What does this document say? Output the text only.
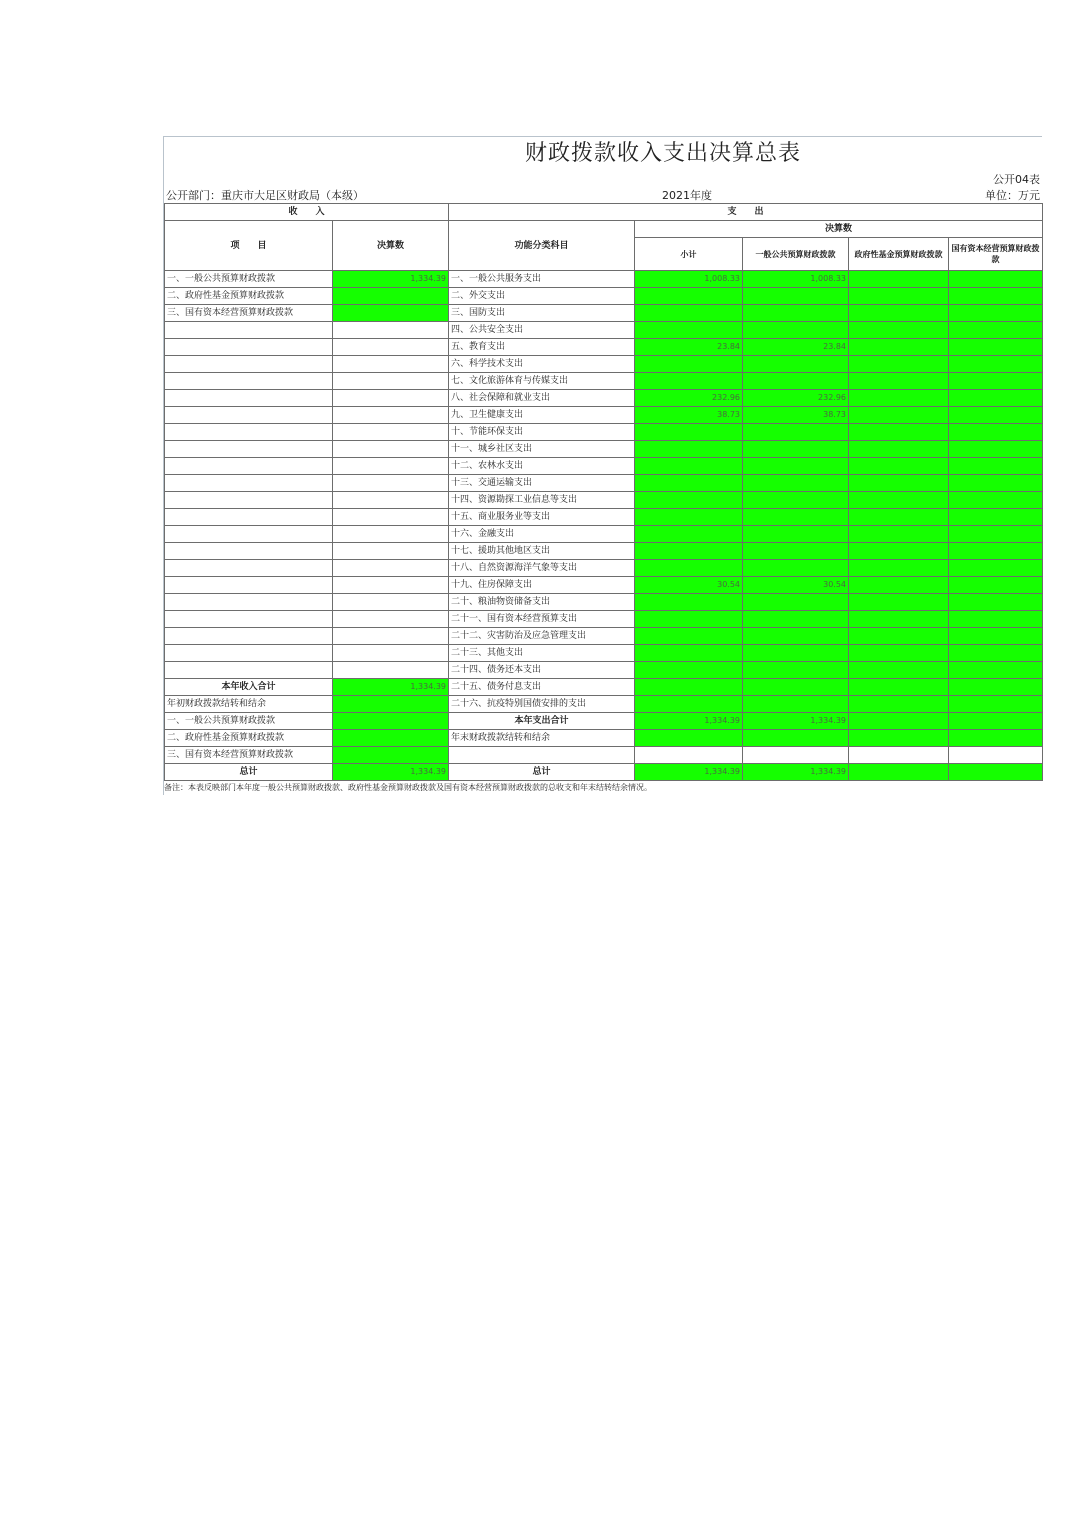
财政拨款收入支出决算总表
公开04表
公开部门：重庆市大足区财政局（本级）	2021年度	单位：万元
收　　入		支　　出				
项　　目	决算数	功能分类科目	决算数			
			小计	一般公共预算财政拨款	政府性基金预算财政拨款	国有资本经营预算财政拨款
一、一般公共预算财政拨款	1,334.39	一、一般公共服务支出	1,008.33	1,008.33		
二、政府性基金预算财政拨款		二、外交支出				
三、国有资本经营预算财政拨款		三、国防支出				
		四、公共安全支出				
		五、教育支出	23.84	23.84		
		六、科学技术支出				
		七、文化旅游体育与传媒支出				
		八、社会保障和就业支出	232.96	232.96		
		九、卫生健康支出	38.73	38.73		
		十、节能环保支出				
		十一、城乡社区支出				
		十二、农林水支出				
		十三、交通运输支出				
		十四、资源勘探工业信息等支出				
		十五、商业服务业等支出				
		十六、金融支出				
		十七、援助其他地区支出				
		十八、自然资源海洋气象等支出				
		十九、住房保障支出	30.54	30.54		
		二十、粮油物资储备支出				
		二十一、国有资本经营预算支出				
		二十二、灾害防治及应急管理支出				
		二十三、其他支出				
		二十四、债务还本支出				
本年收入合计	1,334.39	二十五、债务付息支出				
年初财政拨款结转和结余		二十六、抗疫特别国债安排的支出				
一、一般公共预算财政拨款		本年支出合计	1,334.39	1,334.39		
二、政府性基金预算财政拨款		年末财政拨款结转和结余				
三、国有资本经营预算财政拨款						
总计	1,334.39	总计	1,334.39	1,334.39		
备注：本表反映部门本年度一般公共预算财政拨款、政府性基金预算财政拨款及国有资本经营预算财政拨款的总收支和年末结转结余情况。
